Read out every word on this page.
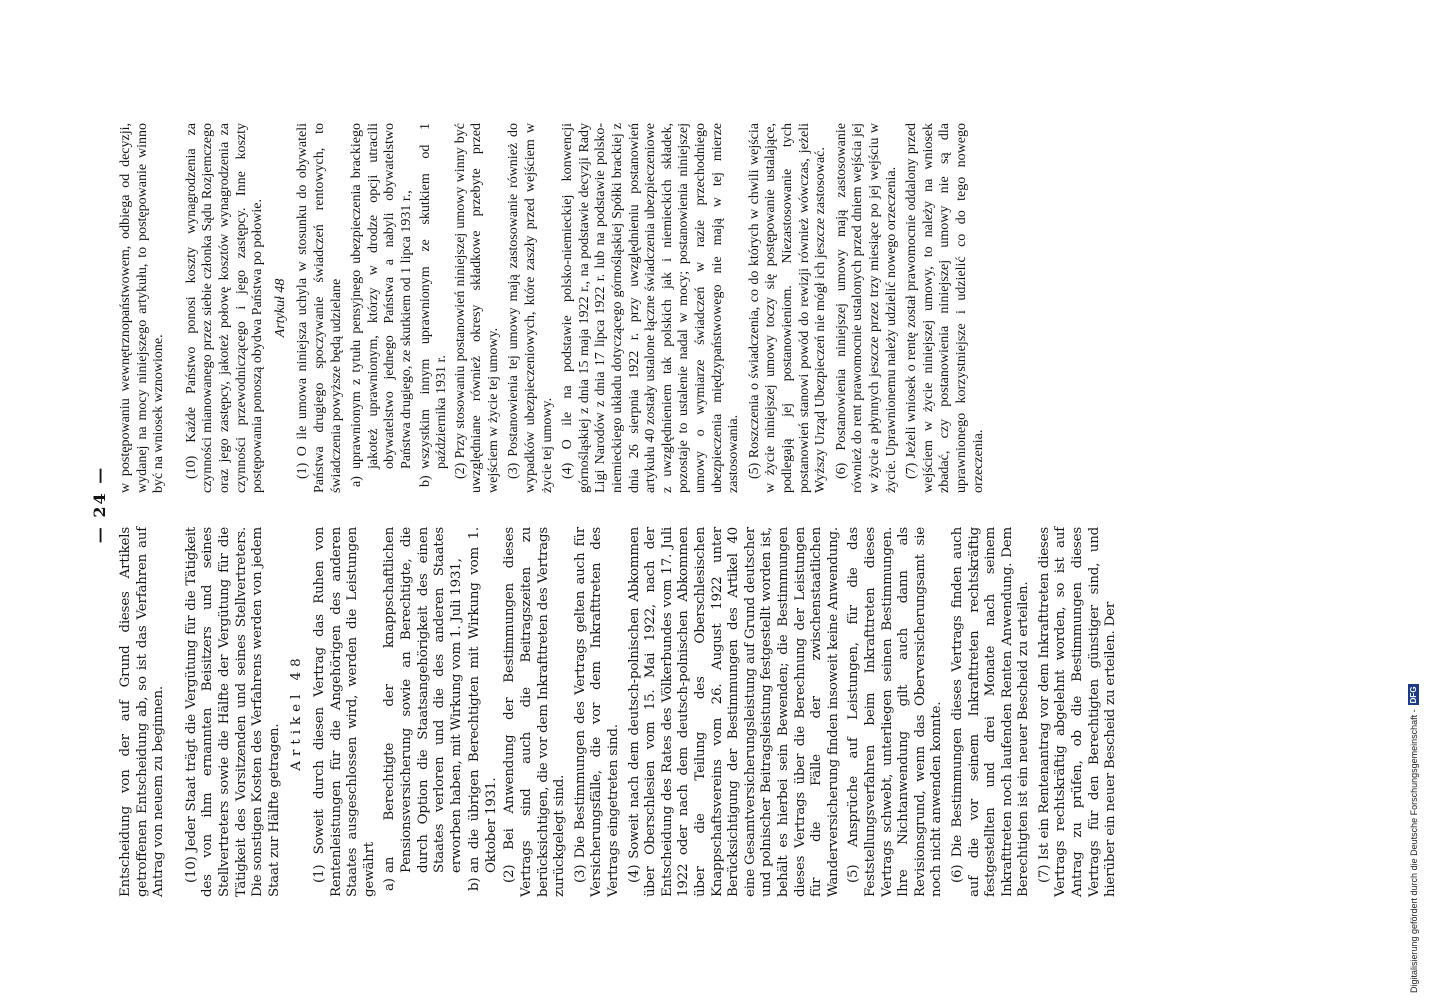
— 24 —

Entscheidung von der auf Grund dieses Artikels getroffenen Entscheidung ab, so ist das Verfahren auf Antrag von neuem zu beginnen. (10) Jeder Staat trägt die Vergütung für die Tätigkeit des von ihm ernannten Beisitzers und seines Stellvertreters sowie die Hälfte der Vergütung für die Tätigkeit des Vorsitzenden und seines Stellvertreters. Die sonstigen Kosten des Verfahrens werden von jedem Staat zur Hälfte getragen.

Artikel 48 (1) Soweit durch diesen Vertrag das Ruhen von Rentenleistungen für die Angehörigen des anderen Staates ausgeschlossen wird, werden die Leistungen gewährt a)
an Berechtigte der knappschaftlichen Pensionsversicherung sowie an Berechtigte, die durch Option die Staatsangehörigkeit des einen Staates verloren und die des anderen Staates erworben haben, mit Wirkung vom 1. Juli 1931,

b)
an die übrigen Berechtigten mit Wirkung vom 1. Oktober 1931. (2) Bei Anwendung der Bestimmungen dieses Vertrags sind auch die Beitragszeiten zu berücksichtigen, die vor dem Inkrafttreten des Vertrags zurückgelegt sind. (3) Die Bestimmungen des Vertrags gelten auch für Versicherungsfälle, die vor dem Inkrafttreten des Vertrags eingetreten sind. (4) Soweit nach dem deutsch-polnischen Abkommen über Oberschlesien vom 15. Mai 1922, nach der Entscheidung des Rates des Völkerbundes vom 17. Juli 1922 oder nach dem deutsch-polnischen Abkommen über die Teilung des Oberschlesischen Knappschaftsvereins vom 26. August 1922 unter Berücksichtigung der Bestimmungen des Artikel 40 eine Gesamtversicherungsleistung auf Grund deutscher und polnischer Beitragsleistung festgestellt worden ist, behält es hierbei sein Bewenden; die Bestimmungen dieses Vertrags über die Berechnung der Leistungen für die Fälle der zwischenstaatlichen Wanderversicherung finden insoweit keine Anwendung. (5) Ansprüche auf Leistungen, für die das Feststellungsverfahren beim Inkrafttreten dieses Vertrags schwebt, unterliegen seinen Bestimmungen. Ihre Nichtanwendung gilt auch dann als Revisionsgrund, wenn das Oberversicherungsamt sie noch nicht anwenden konnte. (6) Die Bestimmungen dieses Vertrags finden auch auf die vor seinem Inkrafttreten rechtskräftig festgestellten und drei Monate nach seinem Inkrafttreten noch laufenden Renten Anwendung. Dem Berechtigten ist ein neuer Bescheid zu erteilen. (7) Ist ein Rentenantrag vor dem Inkrafttreten dieses Vertrags rechtskräftig abgelehnt worden, so ist auf Antrag zu prüfen, ob die Bestimmungen dieses Vertrags für den Berechtigten günstiger sind, und hierüber ein neuer Bescheid zu erteilen. Der

w postępowaniu wewnętrznopaństwowem, odbiega od decyzji, wydanej na mocy niniejszego artykułu, to postępowanie winno być na wniosek wznowione. (10) Każde Państwo ponosi koszty wynagrodzenia za czynności mianowanego przez siebie członka Sądu Rozjemczego oraz jego zastępcy, jakoteż połowę kosztów wynagrodzenia za czynności przewodniczącego i jego zastępcy. Inne koszty postępowania ponoszą obydwa Państwa po połowie. Artykuł 48 (1) O ile umowa niniejsza uchyla w stosunku do obywateli Państwa drugiego spoczywanie świadczeń rentowych, to świadczenia powyższe będą udzielane a)
uprawnionym z tytułu pensyjnego ubezpieczenia brackiego jakoteż uprawnionym, którzy w drodze opcji utracili obywatelstwo jednego Państwa a nabyli obywatelstwo Państwa drugiego, ze skutkiem od 1 lipca 1931 r.,

b)
wszystkim innym uprawnionym ze skutkiem od 1 października 1931 r. (2) Przy stosowaniu postanowień niniejszej umowy winny być uwzględniane również okresy składkowe przebyte przed wejściem w życie tej umowy. (3) Postanowienia tej umowy mają zastosowanie również do wypadków ubezpieczeniowych, które zaszły przed wejściem w życie tej umowy. (4) O ile na podstawie polsko-niemieckiej konwencji górnośląskiej z dnia 15 maja 1922 r., na podstawie decyzji Rady Ligi Narodów z dnia 17 lipca 1922 r. lub na podstawie polsko-niemieckiego układu dotyczącego górnośląskiej Spółki brackiej z dnia 26 sierpnia 1922 r. przy uwzględnieniu postanowień artykułu 40 zostały ustalone łączne świadczenia ubezpieczeniowe z uwzględnieniem tak polskich jak i niemieckich składek, pozostaje to ustalenie nadal w mocy; postanowienia niniejszej umowy o wymiarze świadczeń w razie przechodniego ubezpieczenia międzypaństwowego nie mają w tej mierze zastosowania. (5) Roszczenia o świadczenia, co do których w chwili wejścia w życie niniejszej umowy toczy się postępowanie ustalające, podlegają jej postanowieniom. Niezastosowanie tych postanowień stanowi powód do rewizji również wówczas, jeżeli Wyższy Urząd Ubezpieczeń nie mógł ich jeszcze zastosować. (6) Postanowienia niniejszej umowy mają zastosowanie również do rent prawomocnie ustalonych przed dniem wejścia jej w życie a płynnych jeszcze przez trzy miesiące po jej wejściu w życie. Uprawnionemu należy udzielić nowego orzeczenia. (7) Jeżeli wniosek o rentę został prawomocnie oddalony przed wejściem w życie niniejszej umowy, to należy na wniosek zbadać, czy postanowienia niniejszej umowy nie są dla uprawnionego korzystniejsze i udzielić co do tego nowego orzeczenia.

Digitalisierung gefördert durch die Deutsche Forschungsgemeinschaft -
DFG
